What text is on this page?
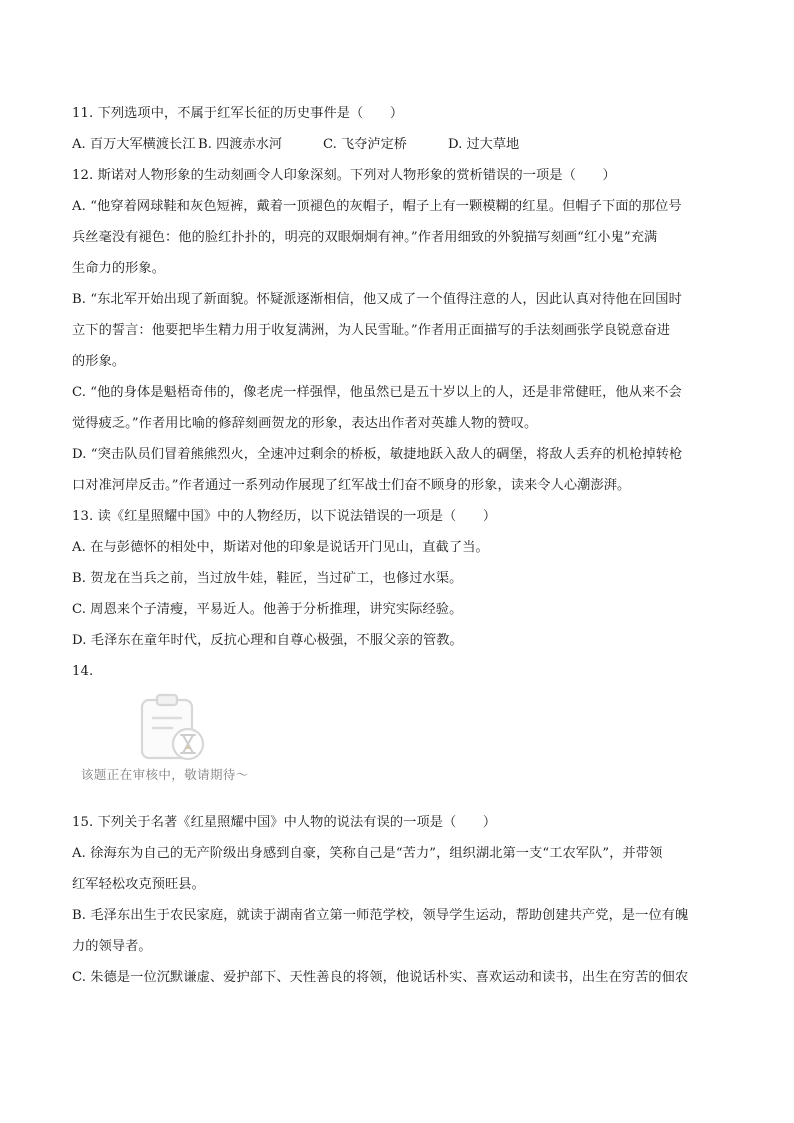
11. 下列选项中，不属于红军长征的历史事件是（　　）
A. 百万大军横渡长江 B. 四渡赤水河	C. 飞夺泸定桥	D. 过大草地
12. 斯诺对人物形象的生动刻画令人印象深刻。下列对人物形象的赏析错误的一项是（　　）
A. “他穿着网球鞋和灰色短裤，戴着一顶褪色的灰帽子，帽子上有一颗模糊的红星。但帽子下面的那位号
兵丝毫没有褪色：他的脸红扑扑的，明亮的双眼炯炯有神。”作者用细致的外貌描写刻画“红小鬼”充满
生命力的形象。
B. “东北军开始出现了新面貌。怀疑派逐渐相信，他又成了一个值得注意的人，因此认真对待他在回国时
立下的誓言：他要把毕生精力用于收复满洲，为人民雪耻。”作者用正面描写的手法刻画张学良锐意奋进
的形象。
C. “他的身体是魁梧奇伟的，像老虎一样强悍，他虽然已是五十岁以上的人，还是非常健旺，他从来不会
觉得疲乏。”作者用比喻的修辞刻画贺龙的形象，表达出作者对英雄人物的赞叹。
D. “突击队员们冒着熊熊烈火，全速冲过剩余的桥板，敏捷地跃入敌人的碉堡，将敌人丢弃的机枪掉转枪
口对准河岸反击。”作者通过一系列动作展现了红军战士们奋不顾身的形象，读来令人心潮澎湃。
13. 读《红星照耀中国》中的人物经历，以下说法错误的一项是（　　）
A. 在与彭德怀的相处中，斯诺对他的印象是说话开门见山，直截了当。
B. 贺龙在当兵之前，当过放牛娃，鞋匠，当过矿工，也修过水渠。
C. 周恩来个子清瘦，平易近人。他善于分析推理，讲究实际经验。
D. 毛泽东在童年时代，反抗心理和自尊心极强，不服父亲的管教。
14.
该题正在审核中，敬请期待～
15. 下列关于名著《红星照耀中国》中人物的说法有误的一项是（　　）
A. 徐海东为自己的无产阶级出身感到自豪，笑称自己是“苦力”，组织湖北第一支“工农军队”，并带领
红军轻松攻克预旺县。
B. 毛泽东出生于农民家庭，就读于湖南省立第一师范学校，领导学生运动，帮助创建共产党，是一位有魄
力的领导者。
C. 朱德是一位沉默谦虚、爱护部下、天性善良的将领，他说话朴实、喜欢运动和读书，出生在穷苦的佃农
